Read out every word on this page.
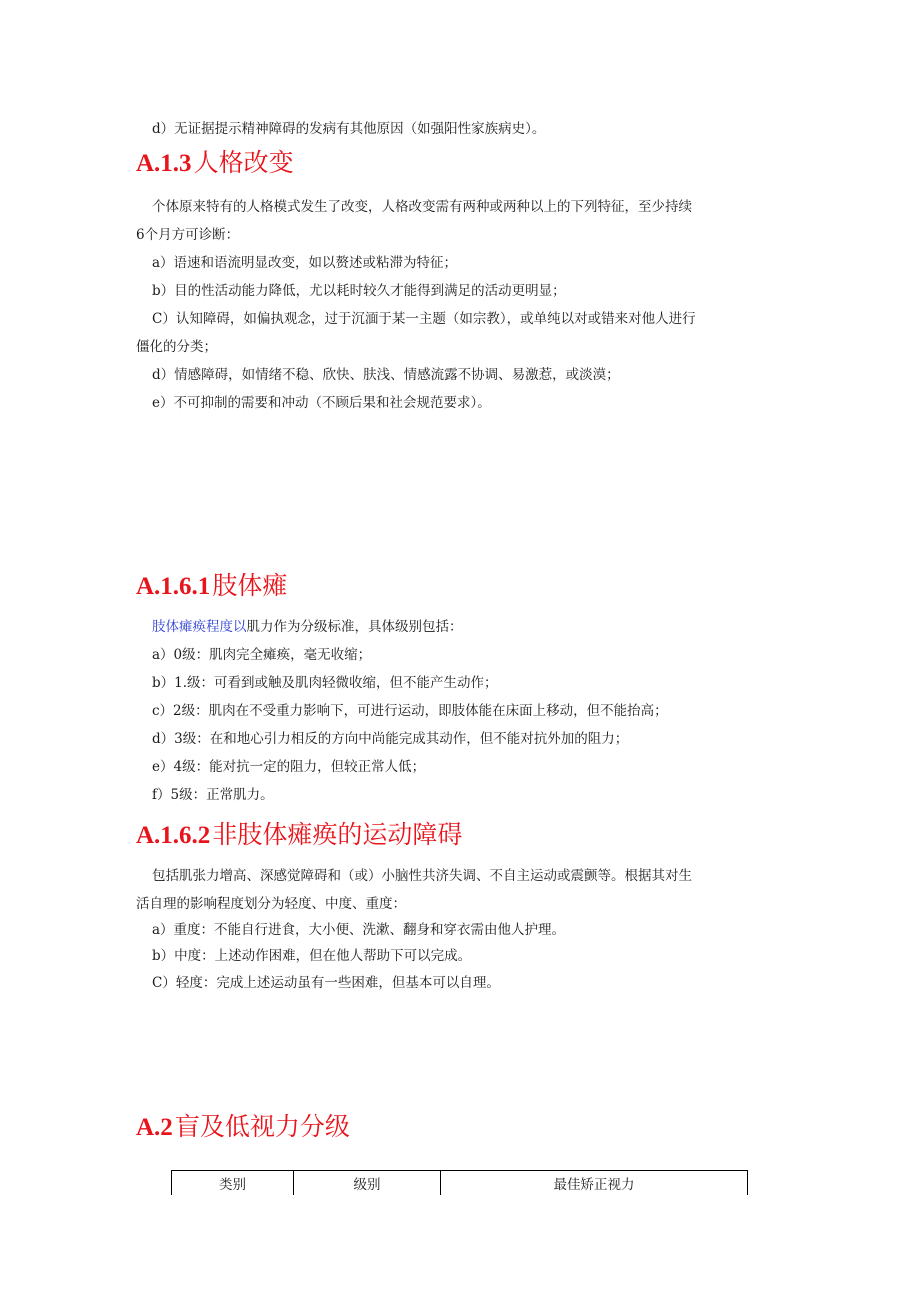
d）无证据提示精神障碍的发病有其他原因（如强阳性家族病史）。
A.1.3人格改变
个体原来特有的人格模式发生了改变，人格改变需有两种或两种以上的下列特征，至少持续
6个月方可诊断：
a）语速和语流明显改变，如以赘述或粘滞为特征；
b）目的性活动能力降低，尤以耗时较久才能得到满足的活动更明显；
C）认知障碍，如偏执观念，过于沉湎于某一主题（如宗教），或单纯以对或错来对他人进行
僵化的分类；
d）情感障碍，如情绪不稳、欣快、肤浅、情感流露不协调、易激惹，或淡漠；
e）不可抑制的需要和冲动（不顾后果和社会规范要求）。
A.1.6.1肢体瘫
肢体瘫痪程度以肌力作为分级标准，具体级别包括：
a）0级：肌肉完全瘫痪，毫无收缩；
b）1.级：可看到或触及肌肉轻微收缩，但不能产生动作；
c）2级：肌肉在不受重力影响下，可进行运动，即肢体能在床面上移动，但不能抬高；
d）3级：在和地心引力相反的方向中尚能完成其动作，但不能对抗外加的阻力；
e）4级：能对抗一定的阻力，但较正常人低；
f）5级：正常肌力。
A.1.6.2非肢体瘫痪的运动障碍
包括肌张力增高、深感觉障碍和（或）小脑性共济失调、不自主运动或震颤等。根据其对生
活自理的影响程度划分为轻度、中度、重度：
a）重度：不能自行进食，大小便、洗漱、翻身和穿衣需由他人护理。
b）中度：上述动作困难，但在他人帮助下可以完成。
C）轻度：完成上述运动虽有一些困难，但基本可以自理。
A.2盲及低视力分级
类别	级别	最佳矫正视力
